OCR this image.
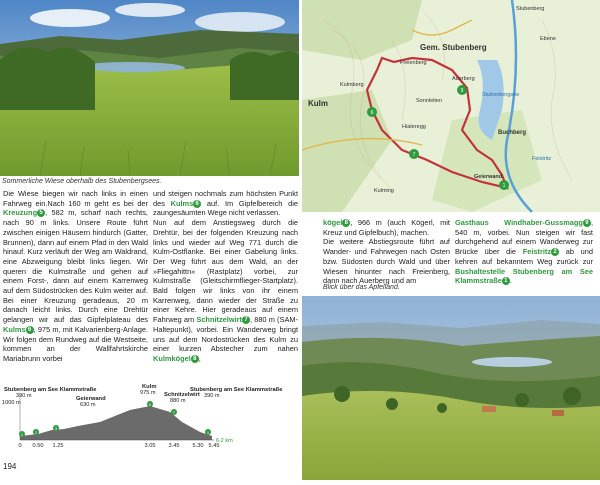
Sommerliche Wiese oberhalb des Stubenbergsees.

Die Wiese biegen wir nach links in einen Fahrweg ein.Nach 160 m geht es bei der Kreuzung 5 , 582 m, scharf nach rechts, nach 90 m links. Unsere Route führt zwischen einigen Häusern hindurch (Gatter, Brunnen), dann auf einem Pfad in den Wald hinauf. Kurz verläuft der Weg am Waldrand, eine Abzweigung bleibt links liegen. Wir queren die Kulmstraße und gehen auf einem Forst-, dann auf einem Karrenweg auf dem Südostrücken des Kulm weiter auf. Bei einer Kreuzung geradeaus, 20 m danach leicht links. Durch eine Drehtür gelangen wir auf das Gipfelplateau des Kulms 6 , 975 m, mit Kalvarienberg-Anlage. Wir folgen dem Rundweg auf die Westseite, kommen an der Wallfahrtskirche Mariabrunn vorbei

und steigen nochmals zum höchsten Punkt des Kulms 6 auf. Im Gipfelbereich die zaungesäumten Wege nicht verlassen.
Nun auf dem Anstiegsweg durch die Drehtür, bei der folgenden Kreuzung nach links und wieder auf Weg 771 durch die Kulm-Ostflanke. Bei einer Gabelung links. Der Weg führt aus dem Wald, an der »Fliegahittn« (Rastplatz) vorbei, zur Kulmstraße (Gleitschirmflieger-Startplatz). Bald folgen wir links von ihr einem Karrenweg, dann wieder der Straße zu einer Kehre. Hier geradeaus auf einem Fahrweg am Schnitzelwirt 7 , 880 m (SAM-Haltepunkt), vorbei. Ein Wanderweg bringt uns auf dem Nordostrücken des Kulm zu einer kurzen Abstecher zum nahen Kulmkögel 8 ,

1000 m
1	2
3
6
7
1
Stubenberg am See Klammstraße
390 m	Geierwand
630 m
Kulm
975 m Schnitzelwirt
880 m
Stubenberg am See Klammstraße
390 m
0 0.50 1.25	3.05 3.45 5.30 5.45
6.2 km
194
6
9
7
1
Stubenberg
Gem. Stubenberg
Kulm
Freienberg
Kulmberg
Sonnleiten
Hiateregg
Buchberg
Stubenbergsee
Kulming
Geierwand
Ebene
Auerberg
Feistritz

kögel 8 , 966 m (auch Kögerl, mit Kreuz und Gipfelbuch), machen.
Die weitere Abstiegsroute führt auf Wander- und Fahrwegen nach Osten bzw. Südosten durch Wald und über Wiesen hinunter nach Freienberg, dann nach Auerberg und am

Gasthaus Windhaber-Gussmagg 9 , 540 m, vorbei. Nun steigen wir fast durchgehend auf einem Wanderweg zur Brücke über die Feistritz 2 ab und kehren auf bekanntem Weg zurück zur Bushaltestelle Stubenberg am See Klammstraße 1 .

Blick über das Apfelland.
